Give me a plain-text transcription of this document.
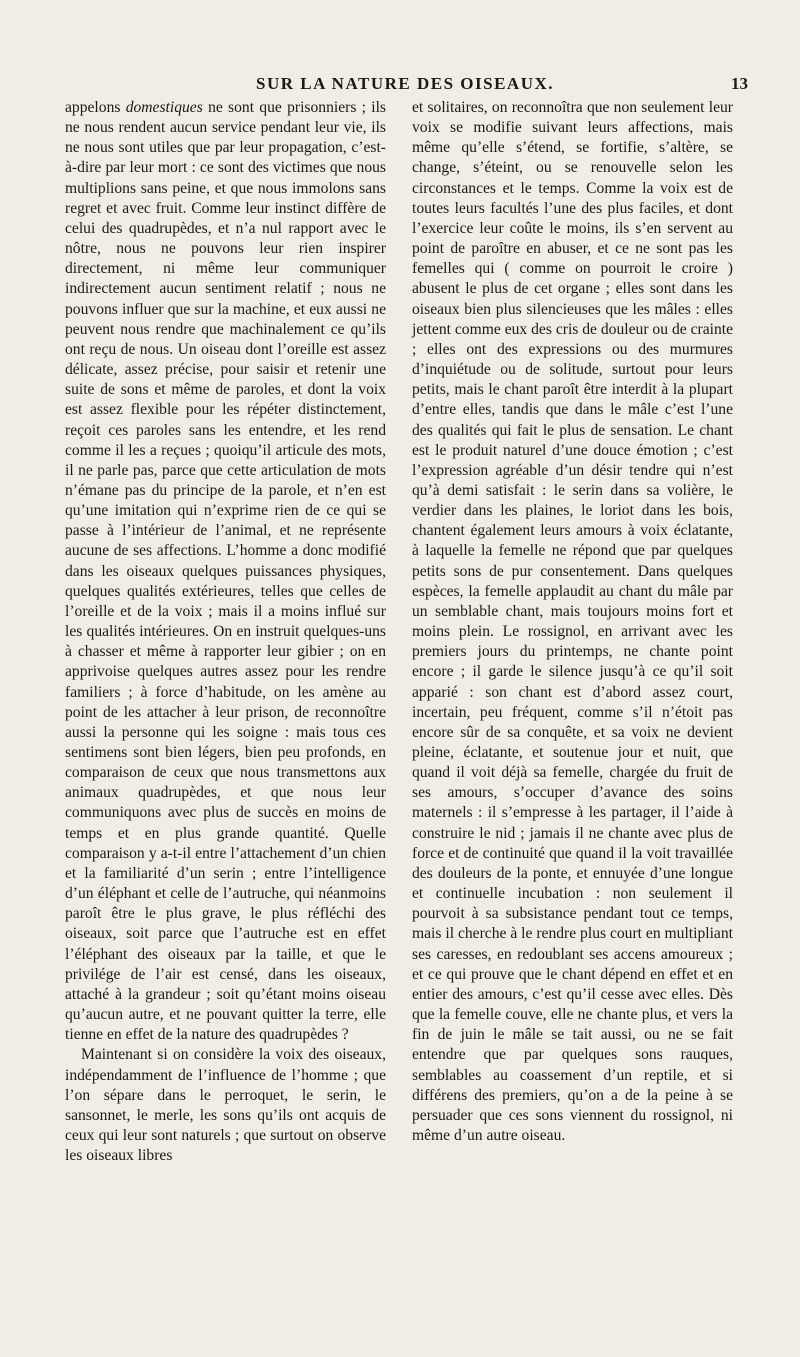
SUR LA NATURE DES OISEAUX.	13

appelons domestiques ne sont que prisonniers ; ils ne nous rendent aucun service pendant leur vie, ils ne nous sont utiles que par leur propagation, c’est-à-dire par leur mort : ce sont des victimes que nous multiplions sans peine, et que nous immolons sans regret et avec fruit. Comme leur instinct diffère de celui des quadrupèdes, et n’a nul rapport avec le nôtre, nous ne pouvons leur rien inspirer directement, ni même leur communiquer indirectement aucun sentiment relatif ; nous ne pouvons influer que sur la machine, et eux aussi ne peuvent nous rendre que machinalement ce qu’ils ont reçu de nous. Un oiseau dont l’oreille est assez délicate, assez précise, pour saisir et retenir une suite de sons et même de paroles, et dont la voix est assez flexible pour les répéter distinctement, reçoit ces paroles sans les entendre, et les rend comme il les a reçues ; quoiqu’il articule des mots, il ne parle pas, parce que cette articulation de mots n’émane pas du principe de la parole, et n’en est qu’une imitation qui n’exprime rien de ce qui se passe à l’intérieur de l’animal, et ne représente aucune de ses affections. L’homme a donc modifié dans les oiseaux quelques puissances physiques, quelques qualités extérieures, telles que celles de l’oreille et de la voix ; mais il a moins influé sur les qualités intérieures. On en instruit quelques-uns à chasser et même à rapporter leur gibier ; on en apprivoise quelques autres assez pour les rendre familiers ; à force d’habitude, on les amène au point de les attacher à leur prison, de reconnoître aussi la personne qui les soigne : mais tous ces sentimens sont bien légers, bien peu profonds, en comparaison de ceux que nous transmettons aux animaux quadrupèdes, et que nous leur communiquons avec plus de succès en moins de temps et en plus grande quantité. Quelle comparaison y a-t-il entre l’attachement d’un chien et la familiarité d’un serin ; entre l’intelligence d’un éléphant et celle de l’autruche, qui néanmoins paroît être le plus grave, le plus réfléchi des oiseaux, soit parce que l’autruche est en effet l’éléphant des oiseaux par la taille, et que le privilége de l’air est censé, dans les oiseaux, attaché à la grandeur ; soit qu’étant moins oiseau qu’aucun autre, et ne pouvant quitter la terre, elle tienne en effet de la nature des quadrupèdes ?

Maintenant si on considère la voix des oiseaux, indépendamment de l’influence de l’homme ; que l’on sépare dans le perroquet, le serin, le sansonnet, le merle, les sons qu’ils ont acquis de ceux qui leur sont naturels ; que surtout on observe les oiseaux libres

et solitaires, on reconnoîtra que non seulement leur voix se modifie suivant leurs affections, mais même qu’elle s’étend, se fortifie, s’altère, se change, s’éteint, ou se renouvelle selon les circonstances et le temps. Comme la voix est de toutes leurs facultés l’une des plus faciles, et dont l’exercice leur coûte le moins, ils s’en servent au point de paroître en abuser, et ce ne sont pas les femelles qui ( comme on pourroit le croire ) abusent le plus de cet organe ; elles sont dans les oiseaux bien plus silencieuses que les mâles : elles jettent comme eux des cris de douleur ou de crainte ; elles ont des expressions ou des murmures d’inquiétude ou de solitude, surtout pour leurs petits, mais le chant paroît être interdit à la plupart d’entre elles, tandis que dans le mâle c’est l’une des qualités qui fait le plus de sensation. Le chant est le produit naturel d’une douce émotion ; c’est l’expression agréable d’un désir tendre qui n’est qu’à demi satisfait : le serin dans sa volière, le verdier dans les plaines, le loriot dans les bois, chantent également leurs amours à voix éclatante, à laquelle la femelle ne répond que par quelques petits sons de pur consentement. Dans quelques espèces, la femelle applaudit au chant du mâle par un semblable chant, mais toujours moins fort et moins plein. Le rossignol, en arrivant avec les premiers jours du printemps, ne chante point encore ; il garde le silence jusqu’à ce qu’il soit apparié : son chant est d’abord assez court, incertain, peu fréquent, comme s’il n’étoit pas encore sûr de sa conquête, et sa voix ne devient pleine, éclatante, et soutenue jour et nuit, que quand il voit déjà sa femelle, chargée du fruit de ses amours, s’occuper d’avance des soins maternels : il s’empresse à les partager, il l’aide à construire le nid ; jamais il ne chante avec plus de force et de continuité que quand il la voit travaillée des douleurs de la ponte, et ennuyée d’une longue et continuelle incubation : non seulement il pourvoit à sa subsistance pendant tout ce temps, mais il cherche à le rendre plus court en multipliant ses caresses, en redoublant ses accens amoureux ; et ce qui prouve que le chant dépend en effet et en entier des amours, c’est qu’il cesse avec elles. Dès que la femelle couve, elle ne chante plus, et vers la fin de juin le mâle se tait aussi, ou ne se fait entendre que par quelques sons rauques, semblables au coassement d’un reptile, et si différens des premiers, qu’on a de la peine à se persuader que ces sons viennent du rossignol, ni même d’un autre oiseau.
